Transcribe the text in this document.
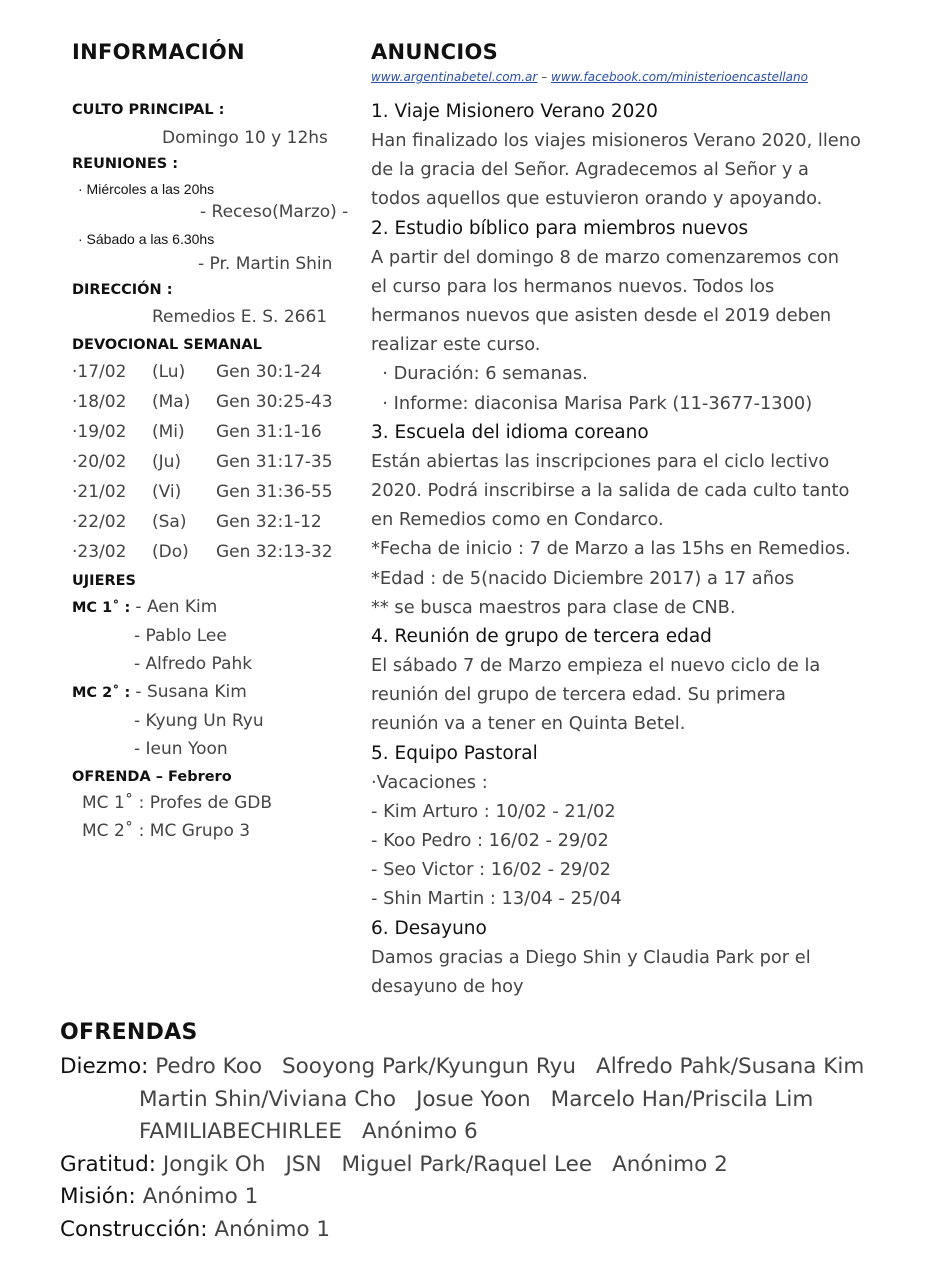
INFORMACIÓN
CULTO PRINCIPAL :
Domingo 10 y 12hs
REUNIONES :
· Miércoles a las 20hs
- Receso(Marzo) -
· Sábado a las 6.30hs
- Pr. Martin Shin
DIRECCIÓN :
Remedios E. S. 2661
DEVOCIONAL SEMANAL
·17/02	(Lu)	Gen 30:1-24
·18/02	(Ma)	Gen 30:25-43
·19/02	(Mi)	Gen 31:1-16
·20/02	(Ju)	Gen 31:17-35
·21/02	(Vi)	Gen 31:36-55
·22/02	(Sa)	Gen 32:1-12
·23/02	(Do)	Gen 32:13-32
UJIERES
MC 1˚ : - Aen Kim
- Pablo Lee
- Alfredo Pahk
MC 2˚ : - Susana Kim
- Kyung Un Ryu
- Ieun Yoon
OFRENDA – Febrero
MC 1˚ : Profes de GDB
MC 2˚ : MC Grupo 3
ANUNCIOS
www.argentinabetel.com.ar – www.facebook.com/ministerioencastellano
1. Viaje Misionero Verano 2020
Han finalizado los viajes misioneros Verano 2020, lleno
de la gracia del Señor. Agradecemos al Señor y a
todos aquellos que estuvieron orando y apoyando.
2. Estudio bíblico para miembros nuevos
A partir del domingo 8 de marzo comenzaremos con
el curso para los hermanos nuevos. Todos los
hermanos nuevos que asisten desde el 2019 deben
realizar este curso.
· Duración: 6 semanas.
· Informe: diaconisa Marisa Park (11-3677-1300)
3. Escuela del idioma coreano
Están abiertas las inscripciones para el ciclo lectivo
2020. Podrá inscribirse a la salida de cada culto tanto
en Remedios como en Condarco.
*Fecha de inicio : 7 de Marzo a las 15hs en Remedios.
*Edad : de 5(nacido Diciembre 2017) a 17 años
** se busca maestros para clase de CNB.
4. Reunión de grupo de tercera edad
El sábado 7 de Marzo empieza el nuevo ciclo de la
reunión del grupo de tercera edad. Su primera
reunión va a tener en Quinta Betel.
5. Equipo Pastoral
·Vacaciones :
- Kim Arturo : 10/02 - 21/02
- Koo Pedro : 16/02 - 29/02
- Seo Victor : 16/02 - 29/02
- Shin Martin : 13/04 - 25/04
6. Desayuno
Damos gracias a Diego Shin y Claudia Park por el
desayuno de hoy
OFRENDAS
Diezmo: Pedro Koo Sooyong Park/Kyungun Ryu Alfredo Pahk/Susana Kim
Martin Shin/Viviana Cho Josue Yoon Marcelo Han/Priscila Lim
FAMILIABECHIRLEE Anónimo 6
Gratitud: Jongik Oh JSN Miguel Park/Raquel Lee Anónimo 2
Misión: Anónimo 1
Construcción: Anónimo 1
